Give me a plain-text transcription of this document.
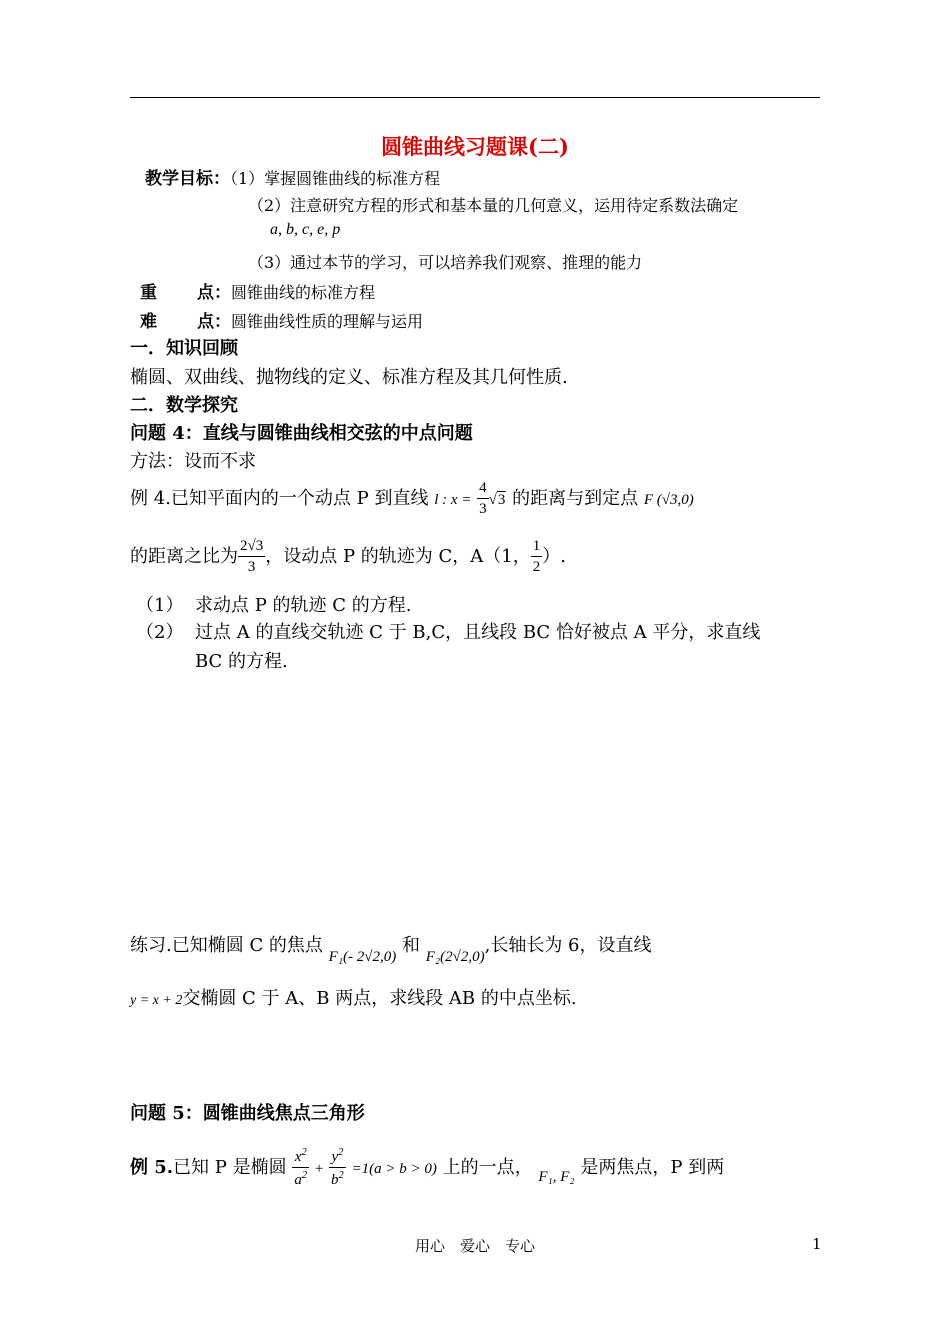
圆锥曲线习题课(二)
教学目标：（1）掌握圆锥曲线的标准方程
（2）注意研究方程的形式和基本量的几何意义，运用待定系数法确定
a, b, c, e, p
（3）通过本节的学习，可以培养我们观察、推理的能力
重 点：圆锥曲线的标准方程
难 点：圆锥曲线性质的理解与运用
一．知识回顾
椭圆、双曲线、抛物线的定义、标准方程及其几何性质.
二．数学探究
问题 4：直线与圆锥曲线相交弦的中点问题
方法：设而不求
例 4.已知平面内的一个动点 P 到直线 l : $x = \frac{4}{3} √3$ 的距离与到定点 F (√3,0)
的距离之比为 $\frac{2√3}{3}$ ，设动点 P 的轨迹为 C，A（1， $\frac{1}{2}$ ）.
（1） 求动点 P 的轨迹 C 的方程.
（2） 过点 A 的直线交轨迹 C 于 B,C，且线段 BC 恰好被点 A 平分，求直线
BC 的方程.
练习.已知椭圆 C 的焦点 $_{F_1(- 2√2,0)}$ 和 $_{F_2(2√2,0)}$,长轴长为 6，设直线
y = x + 2交椭圆 C 于 A、B 两点，求线段 AB 的中点坐标.
问题 5：圆锥曲线焦点三角形
例 5.已知 P 是椭圆 $\frac{x^2}{a^2} + \frac{y^2}{b^2} =1(a > b > 0)$ 上的一点， $_{F_1, F_2}$ 是两焦点，P 到两
用心　爱心　专心	1
